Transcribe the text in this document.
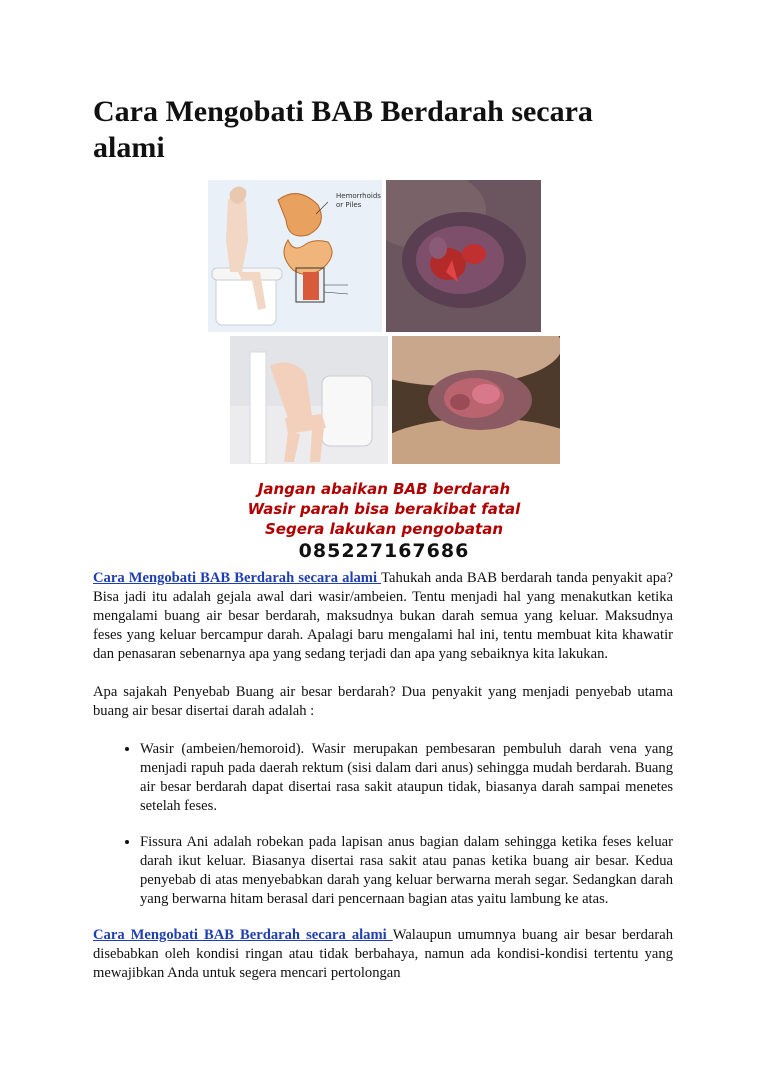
Cara Mengobati BAB Berdarah secara alami
Hemorrhoids
or Piles
Jangan abaikan BAB berdarah
Wasir parah bisa berakibat fatal
Segera lakukan pengobatan
085227167686

Cara Mengobati BAB Berdarah secara alami Tahukah anda BAB berdarah tanda penyakit apa? Bisa jadi itu adalah gejala awal dari wasir/ambeien. Tentu menjadi hal yang menakutkan ketika mengalami buang air besar berdarah, maksudnya bukan darah semua yang keluar. Maksudnya feses yang keluar bercampur darah. Apalagi baru mengalami hal ini, tentu membuat kita khawatir dan penasaran sebenarnya apa yang sedang terjadi dan apa yang sebaiknya kita lakukan.

Apa sajakah Penyebab Buang air besar berdarah? Dua penyakit yang menjadi penyebab utama buang air besar disertai darah adalah :

• Wasir (ambeien/hemoroid). Wasir merupakan pembesaran pembuluh darah vena yang menjadi rapuh pada daerah rektum (sisi dalam dari anus) sehingga mudah berdarah. Buang air besar berdarah dapat disertai rasa sakit ataupun tidak, biasanya darah sampai menetes setelah feses.
• Fissura Ani adalah robekan pada lapisan anus bagian dalam sehingga ketika feses keluar darah ikut keluar. Biasanya disertai rasa sakit atau panas ketika buang air besar. Kedua penyebab di atas menyebabkan darah yang keluar berwarna merah segar. Sedangkan darah yang berwarna hitam berasal dari pencernaan bagian atas yaitu lambung ke atas.

Cara Mengobati BAB Berdarah secara alami Walaupun umumnya buang air besar berdarah disebabkan oleh kondisi ringan atau tidak berbahaya, namun ada kondisi-kondisi tertentu yang mewajibkan Anda untuk segera mencari pertolongan
